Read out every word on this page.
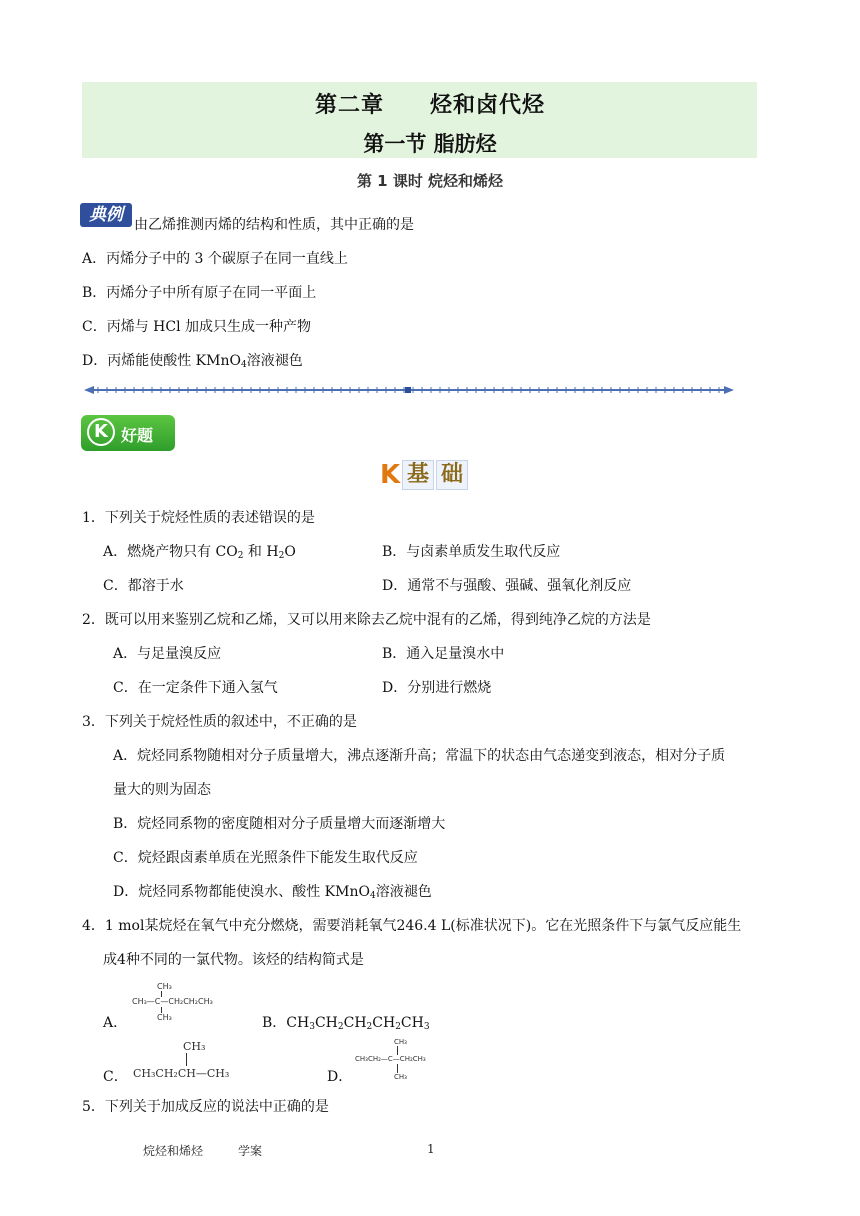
第二章 烃和卤代烃
第一节 脂肪烃
第 1 课时 烷烃和烯烃
典例 由乙烯推测丙烯的结构和性质，其中正确的是
A．丙烯分子中的 3 个碳原子在同一直线上
B．丙烯分子中所有原子在同一平面上
C．丙烯与 HCl 加成只生成一种产物
D．丙烯能使酸性 KMnO$_4$溶液褪色
K 好题
K 基 础
1．下列关于烷烃性质的表述错误的是
A．燃烧产物只有 $CO_2$ 和 $H_2O$	B．与卤素单质发生取代反应
C．都溶于水	D．通常不与强酸、强碱、强氧化剂反应
2．既可以用来鉴别乙烷和乙烯，又可以用来除去乙烷中混有的乙烯，得到纯净乙烷的方法是
A．与足量溴反应	B．通入足量溴水中
C．在一定条件下通入氢气	D．分别进行燃烧
3．下列关于烷烃性质的叙述中，不正确的是
A．烷烃同系物随相对分子质量增大，沸点逐渐升高；常温下的状态由气态递变到液态，相对分子质
量大的则为固态
B．烷烃同系物的密度随相对分子质量增大而逐渐增大
C．烷烃跟卤素单质在光照条件下能发生取代反应
D．烷烃同系物都能使溴水、酸性 KMnO$_4$溶液褪色
4．1 mol某烷烃在氧气中充分燃烧，需要消耗氧气246.4 L(标准状况下)。它在光照条件下与氯气反应能生
成4种不同的一氯代物。该烃的结构简式是
A．
CH₃
CH₃—C—CH₂CH₂CH₃
CH₃	B．$CH_3CH_2CH_2CH_2CH_3$
C．
CH₃
CH₃CH₂CH—CH₃	D．
CH₃
CH₃CH₂—C—CH₂CH₃
CH₃
5．下列关于加成反应的说法中正确的是
烷烃和烯烃	学案	1
